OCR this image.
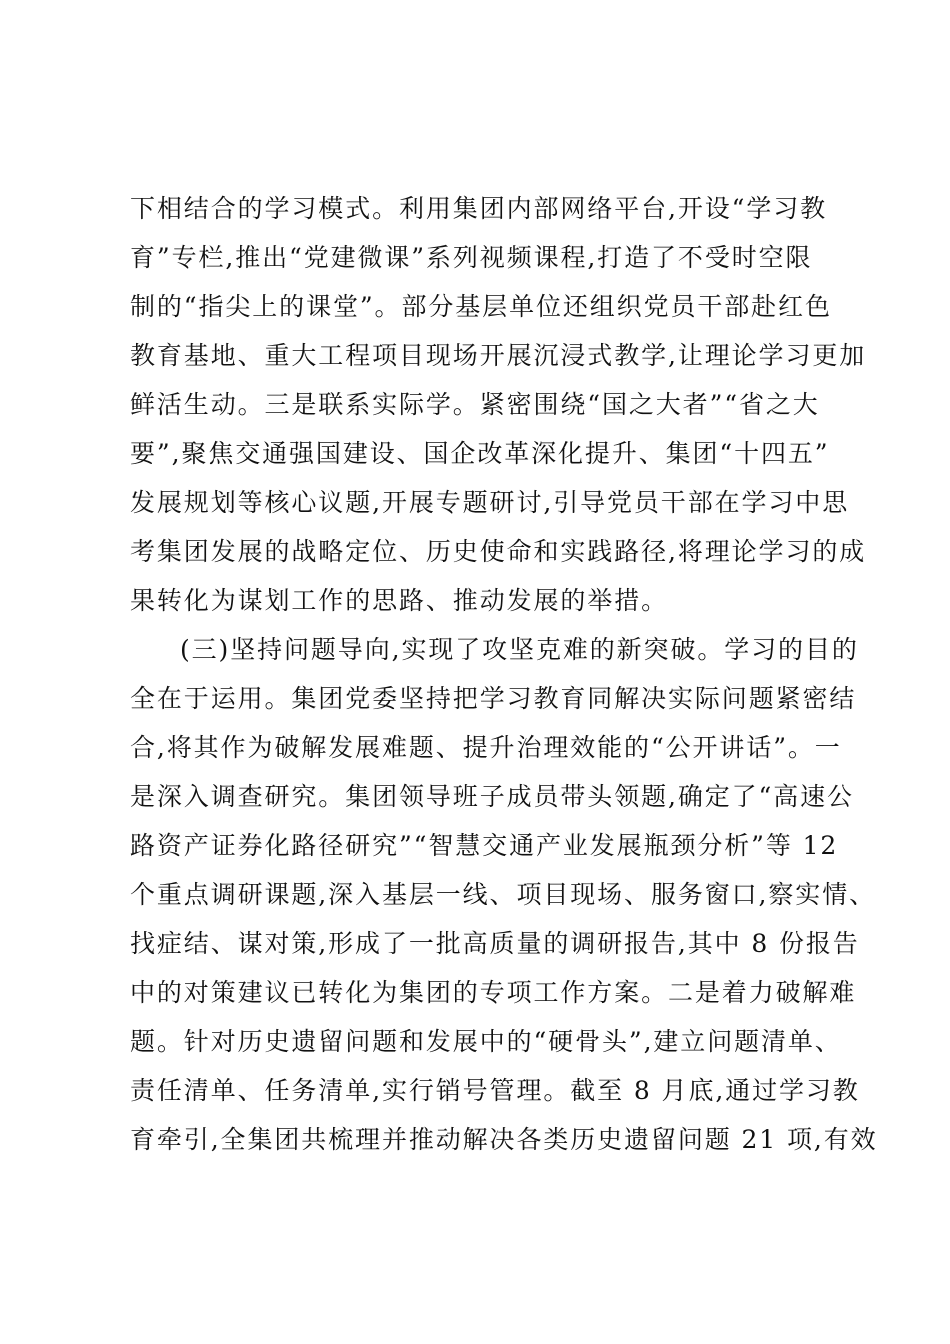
下相结合的学习模式。利用集团内部网络平台,开设“学习教
育”专栏,推出“党建微课”系列视频课程,打造了不受时空限
制的“指尖上的课堂”。部分基层单位还组织党员干部赴红色
教育基地、重大工程项目现场开展沉浸式教学,让理论学习更加
鲜活生动。三是联系实际学。紧密围绕“国之大者”“省之大
要”,聚焦交通强国建设、国企改革深化提升、集团“十四五”
发展规划等核心议题,开展专题研讨,引导党员干部在学习中思
考集团发展的战略定位、历史使命和实践路径,将理论学习的成
果转化为谋划工作的思路、推动发展的举措。
(三)坚持问题导向,实现了攻坚克难的新突破。学习的目的
全在于运用。集团党委坚持把学习教育同解决实际问题紧密结
合,将其作为破解发展难题、提升治理效能的“公开讲话”。一
是深入调查研究。集团领导班子成员带头领题,确定了“高速公
路资产证券化路径研究”“智慧交通产业发展瓶颈分析”等 12
个重点调研课题,深入基层一线、项目现场、服务窗口,察实情、
找症结、谋对策,形成了一批高质量的调研报告,其中 8 份报告
中的对策建议已转化为集团的专项工作方案。二是着力破解难
题。针对历史遗留问题和发展中的“硬骨头”,建立问题清单、
责任清单、任务清单,实行销号管理。截至 8 月底,通过学习教
育牵引,全集团共梳理并推动解决各类历史遗留问题 21 项,有效
